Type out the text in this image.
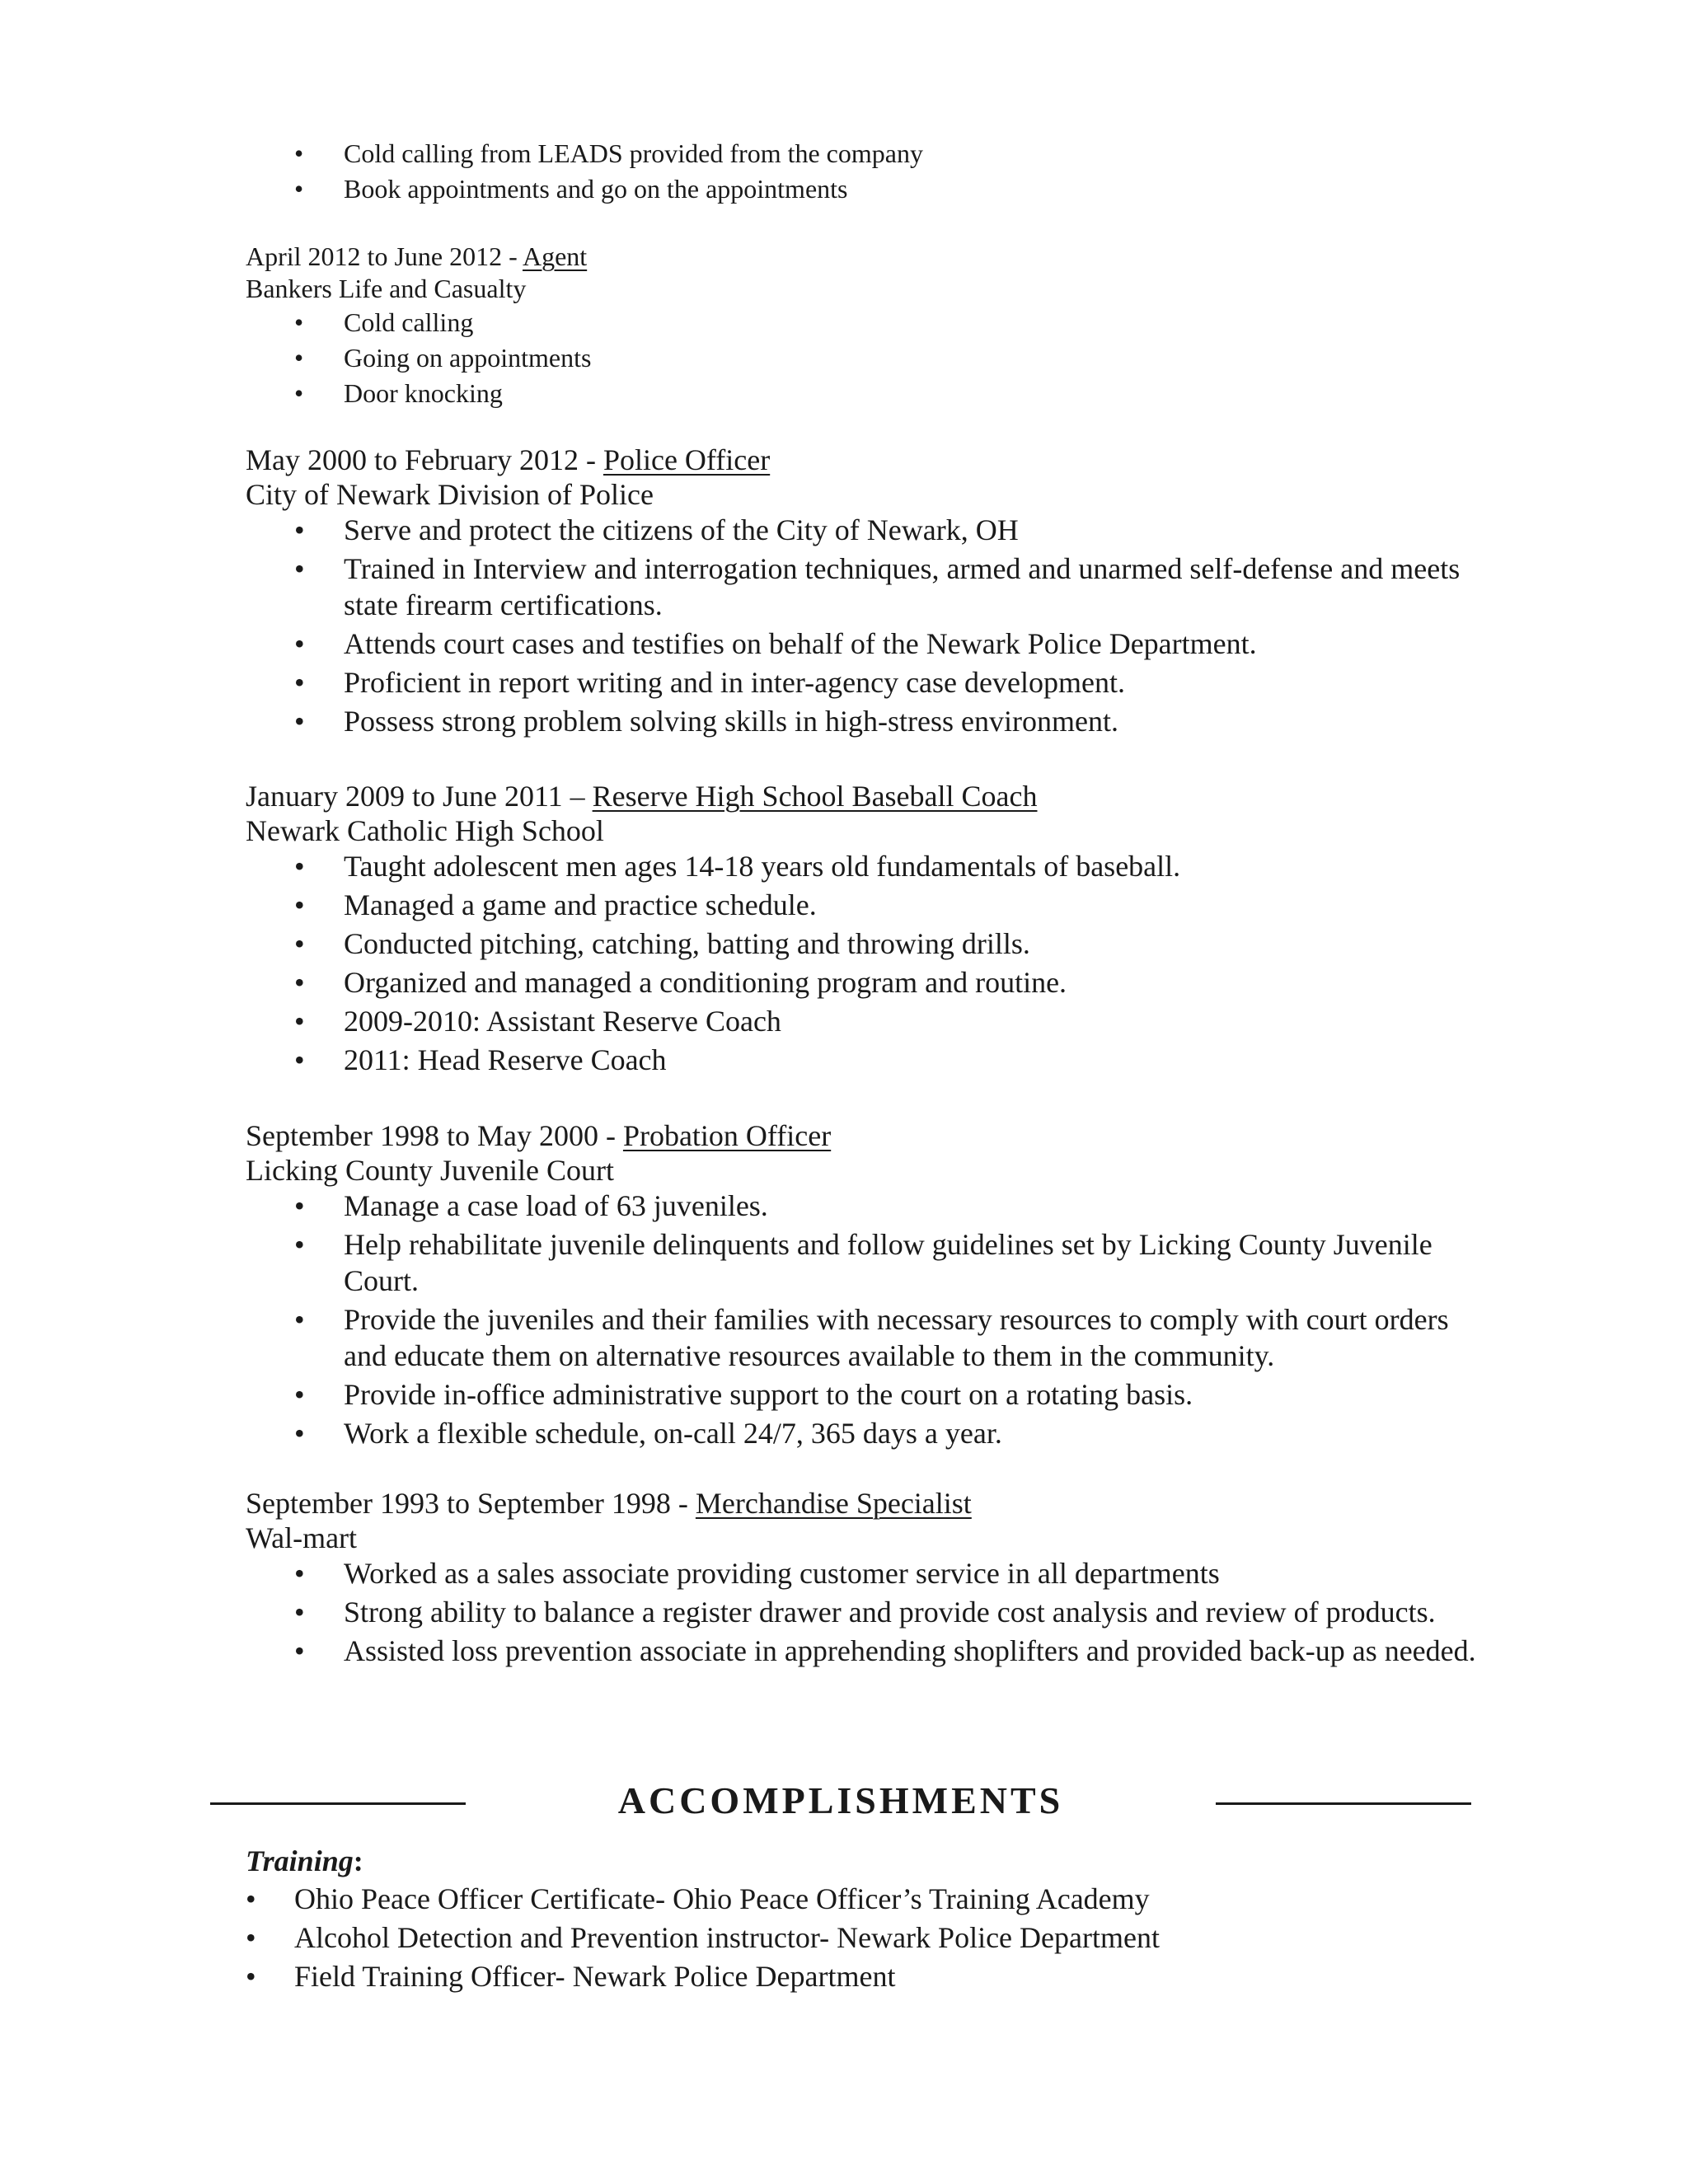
• Cold calling from LEADS provided from the company
• Book appointments and go on the appointments
April 2012 to June 2012 - Agent
Bankers Life and Casualty
• Cold calling
• Going on appointments
• Door knocking
May 2000 to February 2012 - Police Officer
City of Newark Division of Police
• Serve and protect the citizens of the City of Newark, OH
• Trained in Interview and interrogation techniques, armed and unarmed self-defense and meets state firearm certifications.
• Attends court cases and testifies on behalf of the Newark Police Department.
• Proficient in report writing and in inter-agency case development.
• Possess strong problem solving skills in high-stress environment.
January 2009 to June 2011 – Reserve High School Baseball Coach
Newark Catholic High School
• Taught adolescent men ages 14-18 years old fundamentals of baseball.
• Managed a game and practice schedule.
• Conducted pitching, catching, batting and throwing drills.
• Organized and managed a conditioning program and routine.
• 2009-2010: Assistant Reserve Coach
• 2011: Head Reserve Coach
September 1998 to May 2000 - Probation Officer
Licking County Juvenile Court
• Manage a case load of 63 juveniles.
• Help rehabilitate juvenile delinquents and follow guidelines set by Licking County Juvenile Court.
• Provide the juveniles and their families with necessary resources to comply with court orders and educate them on alternative resources available to them in the community.
• Provide in-office administrative support to the court on a rotating basis.
• Work a flexible schedule, on-call 24/7, 365 days a year.
September 1993 to September 1998 - Merchandise Specialist
Wal-mart
• Worked as a sales associate providing customer service in all departments
• Strong ability to balance a register drawer and provide cost analysis and review of products.
• Assisted loss prevention associate in apprehending shoplifters and provided back-up as needed.
ACCOMPLISHMENTS
Training:
• Ohio Peace Officer Certificate- Ohio Peace Officer’s Training Academy
• Alcohol Detection and Prevention instructor- Newark Police Department
• Field Training Officer- Newark Police Department
